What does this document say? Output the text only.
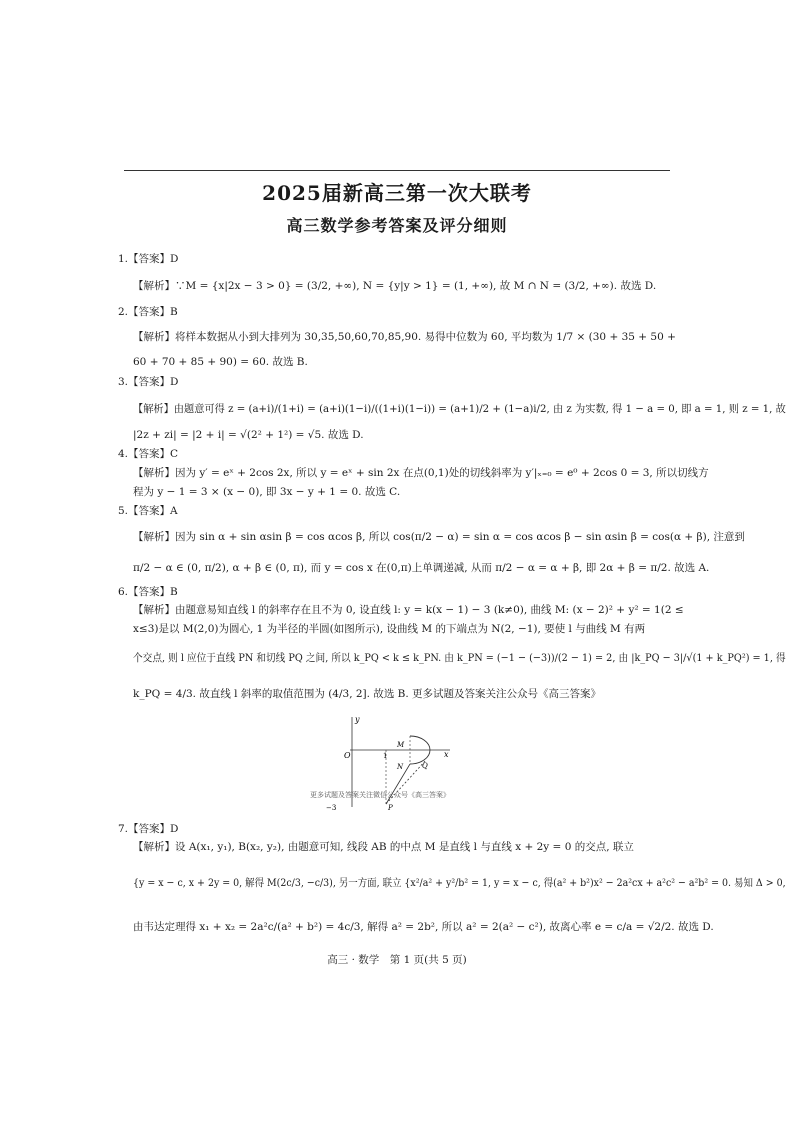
2025届新高三第一次大联考
高三数学参考答案及评分细则
1.【答案】D
【解析】∵M = {x|2x − 3 > 0} = (3/2, +∞), N = {y|y > 1} = (1, +∞), 故 M ∩ N = (3/2, +∞). 故选 D.
2.【答案】B
【解析】将样本数据从小到大排列为 30,35,50,60,70,85,90. 易得中位数为 60, 平均数为 1/7 × (30 + 35 + 50 +
60 + 70 + 85 + 90) = 60. 故选 B.
3.【答案】D
【解析】由题意可得 z = (a+i)/(1+i) = (a+i)(1−i)/((1+i)(1−i)) = (a+1)/2 + (1−a)i/2, 由 z 为实数, 得 1 − a = 0, 即 a = 1, 则 z = 1, 故
|2z + zi| = |2 + i| = √(2² + 1²) = √5. 故选 D.
4.【答案】C
【解析】因为 y′ = eˣ + 2cos 2x, 所以 y = eˣ + sin 2x 在点(0,1)处的切线斜率为 y′|ₓ₌₀ = e⁰ + 2cos 0 = 3, 所以切线方
程为 y − 1 = 3 × (x − 0), 即 3x − y + 1 = 0. 故选 C.
5.【答案】A
【解析】因为 sin α + sin αsin β = cos αcos β, 所以 cos(π/2 − α) = sin α = cos αcos β − sin αsin β = cos(α + β), 注意到
π/2 − α ∈ (0, π/2), α + β ∈ (0, π), 而 y = cos x 在(0,π)上单调递减, 从而 π/2 − α = α + β, 即 2α + β = π/2. 故选 A.
6.【答案】B
【解析】由题意易知直线 l 的斜率存在且不为 0, 设直线 l: y = k(x − 1) − 3 (k≠0), 曲线 M: (x − 2)² + y² = 1(2 ≤
x≤3)是以 M(2,0)为圆心, 1 为半径的半圆(如图所示), 设曲线 M 的下端点为 N(2, −1), 要使 l 与曲线 M 有两
个交点, 则 l 应位于直线 PN 和切线 PQ 之间, 所以 k_PQ < k ≤ k_PN. 由 k_PN = (−1 − (−3))/(2 − 1) = 2, 由 |k_PQ − 3|/√(1 + k_PQ²) = 1, 得
k_PQ = 4/3. 故直线 l 斜率的取值范围为 (4/3, 2]. 故选 B. 更多试题及答案关注公众号《高三答案》
y
x
O	1
M
N	Q
P
−3
更多试题及答案关注微信公众号《高三答案》
7.【答案】D
【解析】设 A(x₁, y₁), B(x₂, y₂), 由题意可知, 线段 AB 的中点 M 是直线 l 与直线 x + 2y = 0 的交点, 联立
{y = x − c, x + 2y = 0, 解得 M(2c/3, −c/3), 另一方面, 联立 {x²/a² + y²/b² = 1, y = x − c, 得(a² + b²)x² − 2a²cx + a²c² − a²b² = 0. 易知 Δ > 0,
由韦达定理得 x₁ + x₂ = 2a²c/(a² + b²) = 4c/3, 解得 a² = 2b², 所以 a² = 2(a² − c²), 故离心率 e = c/a = √2/2. 故选 D.
高三 · 数学　第 1 页(共 5 页)
